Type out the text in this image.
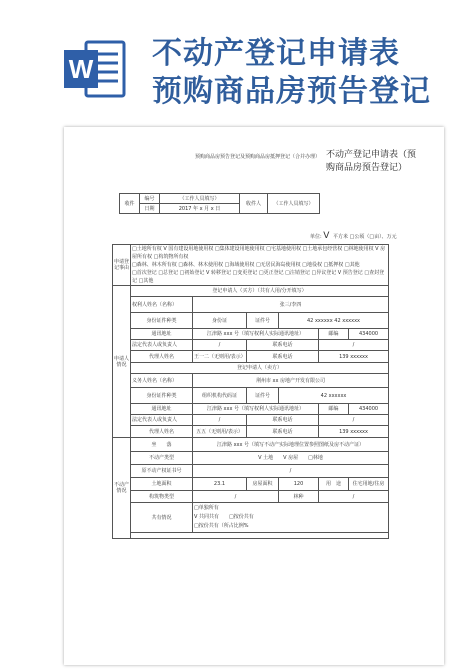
W 不动产登记申请表
预购商品房预告登记
预购商品房预告登记及预购商品房抵押登记（合并办理） 不动产登记申请表（预购商品房预告登记）
收件	编号	（工作人员填写）	收件人	（工作人员填写）
	日期	2017 年 x 月 x 日		
单位: V 平方米 □公顷（□亩）、万元
申请登记事由	□土地所有权 V 国有建设用地使用权 □集体建设用地使用权 □宅基地使用权 □土地承包经营权 □林地使用权 V 房屋所有权 □构筑物所有权
□森林、林木所有权 □森林、林木使用权 □海域使用权 □无居民海岛使用权 □地役权 □抵押权 □其他
□首次登记 □总登记 □初始登记 V 转移登记 □变更登记 □更正登记 □注销登记 □异议登记 V 预告登记 □查封登记 □其他					

申请人情况	登记申请人（买方）（共有人用/分开填写）					
	权利人姓名（名称）	张三/李四				
	身份证件种类	身份证	证件号	42 xxxxxx 42 xxxxxx		
	通讯地址	江津路 xxx 号（填写权利人实际通讯地址）			邮编	434000
	法定代表人或负责人	/	联系电话		/	
	代理人姓名	王一二（无则用/表示）	联系电话		139 xxxxxx	
	登记申请人（卖方）					
	义务人姓名（名称）	荆州市 xx 房地产开发有限公司				
	身份证件种类	组织机构代码证	证件号	42 xxxxxx		
	通讯地址	江津路 xxx 号（填写权利人实际通讯地址）			邮编	434000
	法定代表人或负责人	/	联系电话		/	
	代理人姓名	五五（无则用/表示）	联系电话		139 xxxxxx	
不动产情况	坐　　落	江津路 xxx 号（填写不动产实际地理位置参照图纸及房不动产证）				
	不动产类型	V 土地　　V 房屋　　□林地				
	原不动产权证书号	/				
	土地面积	23.1	房屋面积	120	用　途	住宅用地/住房
	构筑物类型	/		林种	/	
	共有情况	□单独所有
V 共同共有　　□按份共有
□按份共有（所占比例%				
